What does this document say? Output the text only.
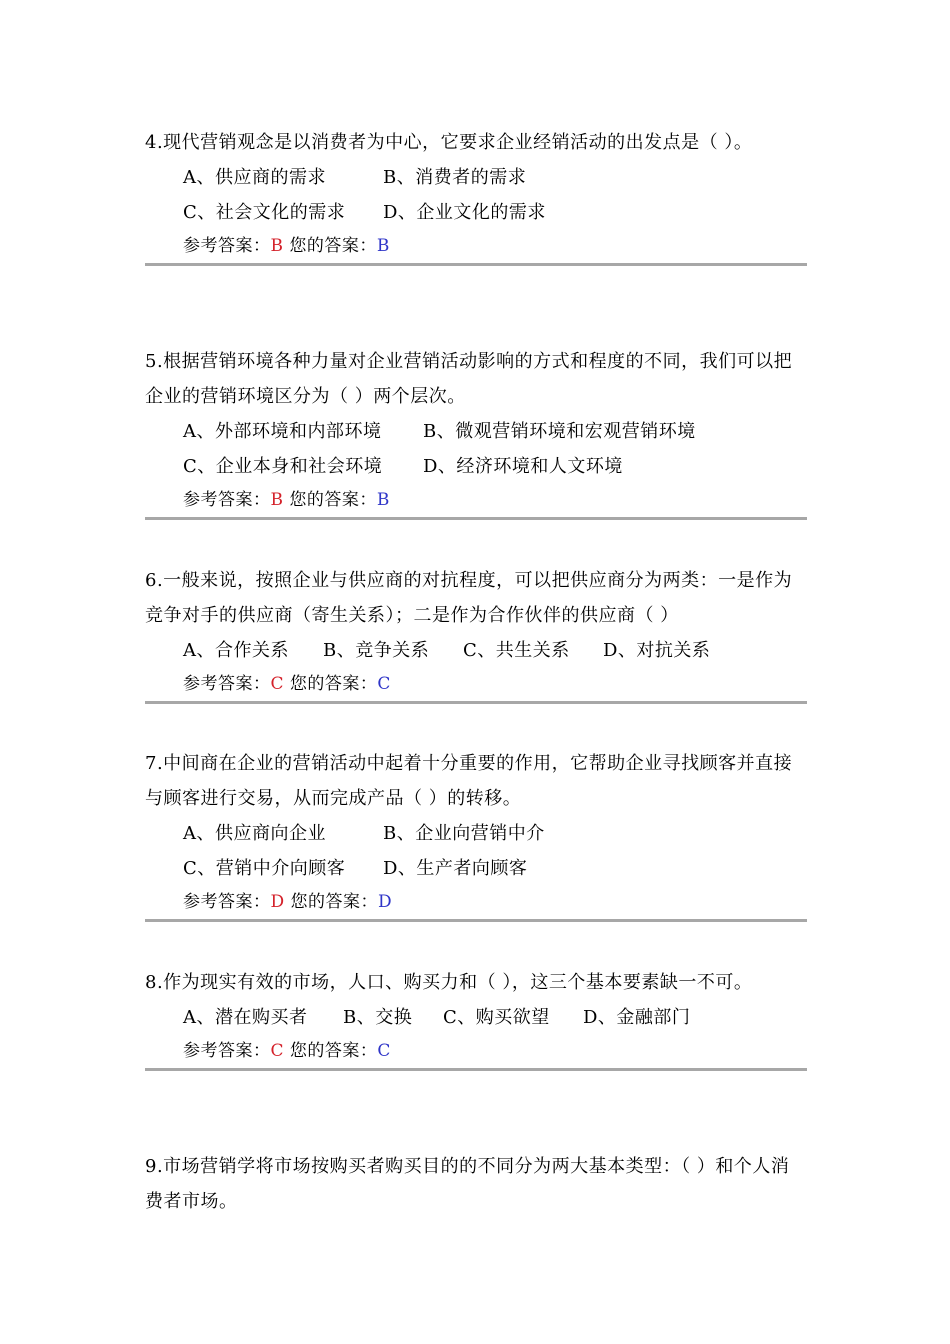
4.现代营销观念是以消费者为中心，它要求企业经销活动的出发点是（ ）。

A、供应商的需求	B、消费者的需求
C、社会文化的需求	D、企业文化的需求
参考答案：B 您的答案：B

5.根据营销环境各种力量对企业营销活动影响的方式和程度的不同，我们可以把企业的营销环境区分为（ ）两个层次。

A、外部环境和内部环境	B、微观营销环境和宏观营销环境
C、企业本身和社会环境	D、经济环境和人文环境
参考答案：B 您的答案：B

6.一般来说，按照企业与供应商的对抗程度，可以把供应商分为两类：一是作为竞争对手的供应商（寄生关系）；二是作为合作伙伴的供应商（ ）

A、合作关系	B、竞争关系	C、共生关系	D、对抗关系
参考答案：C 您的答案：C

7.中间商在企业的营销活动中起着十分重要的作用，它帮助企业寻找顾客并直接与顾客进行交易，从而完成产品（ ）的转移。

A、供应商向企业	B、企业向营销中介
C、营销中介向顾客	D、生产者向顾客
参考答案：D 您的答案：D

8.作为现实有效的市场，人口、购买力和（ ），这三个基本要素缺一不可。

A、潜在购买者	B、交换	C、购买欲望	D、金融部门
参考答案：C 您的答案：C

9.市场营销学将市场按购买者购买目的的不同分为两大基本类型：（ ）和个人消费者市场。
